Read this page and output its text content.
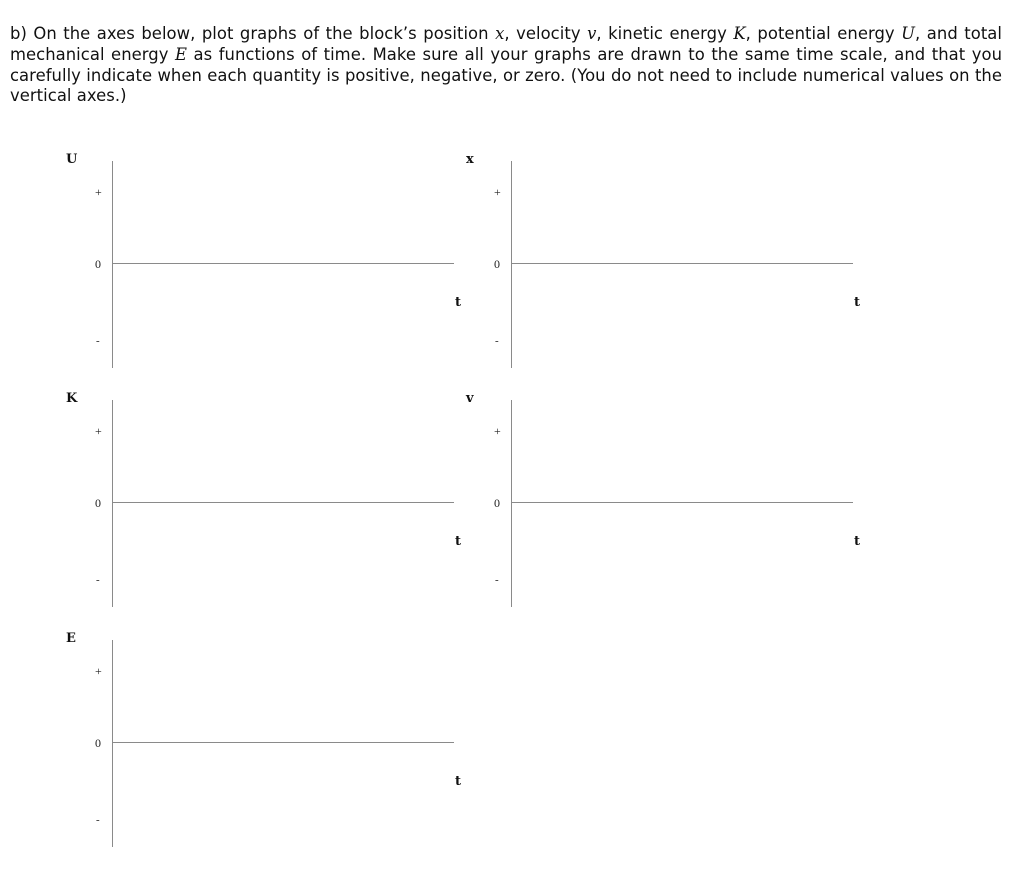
b) On the axes below, plot graphs of the block’s position x, velocity v, kinetic energy K, potential energy U, and total mechanical energy E as functions of time. Make sure all your graphs are drawn to the same time scale, and that you carefully indicate when each quantity is positive, negative, or zero. (You do not need to include numerical values on the vertical axes.)
U
+
0
-
t
x
+
0
-
t
K
+
0
-
t
v
+
0
-
t
E
+
0
-
t
